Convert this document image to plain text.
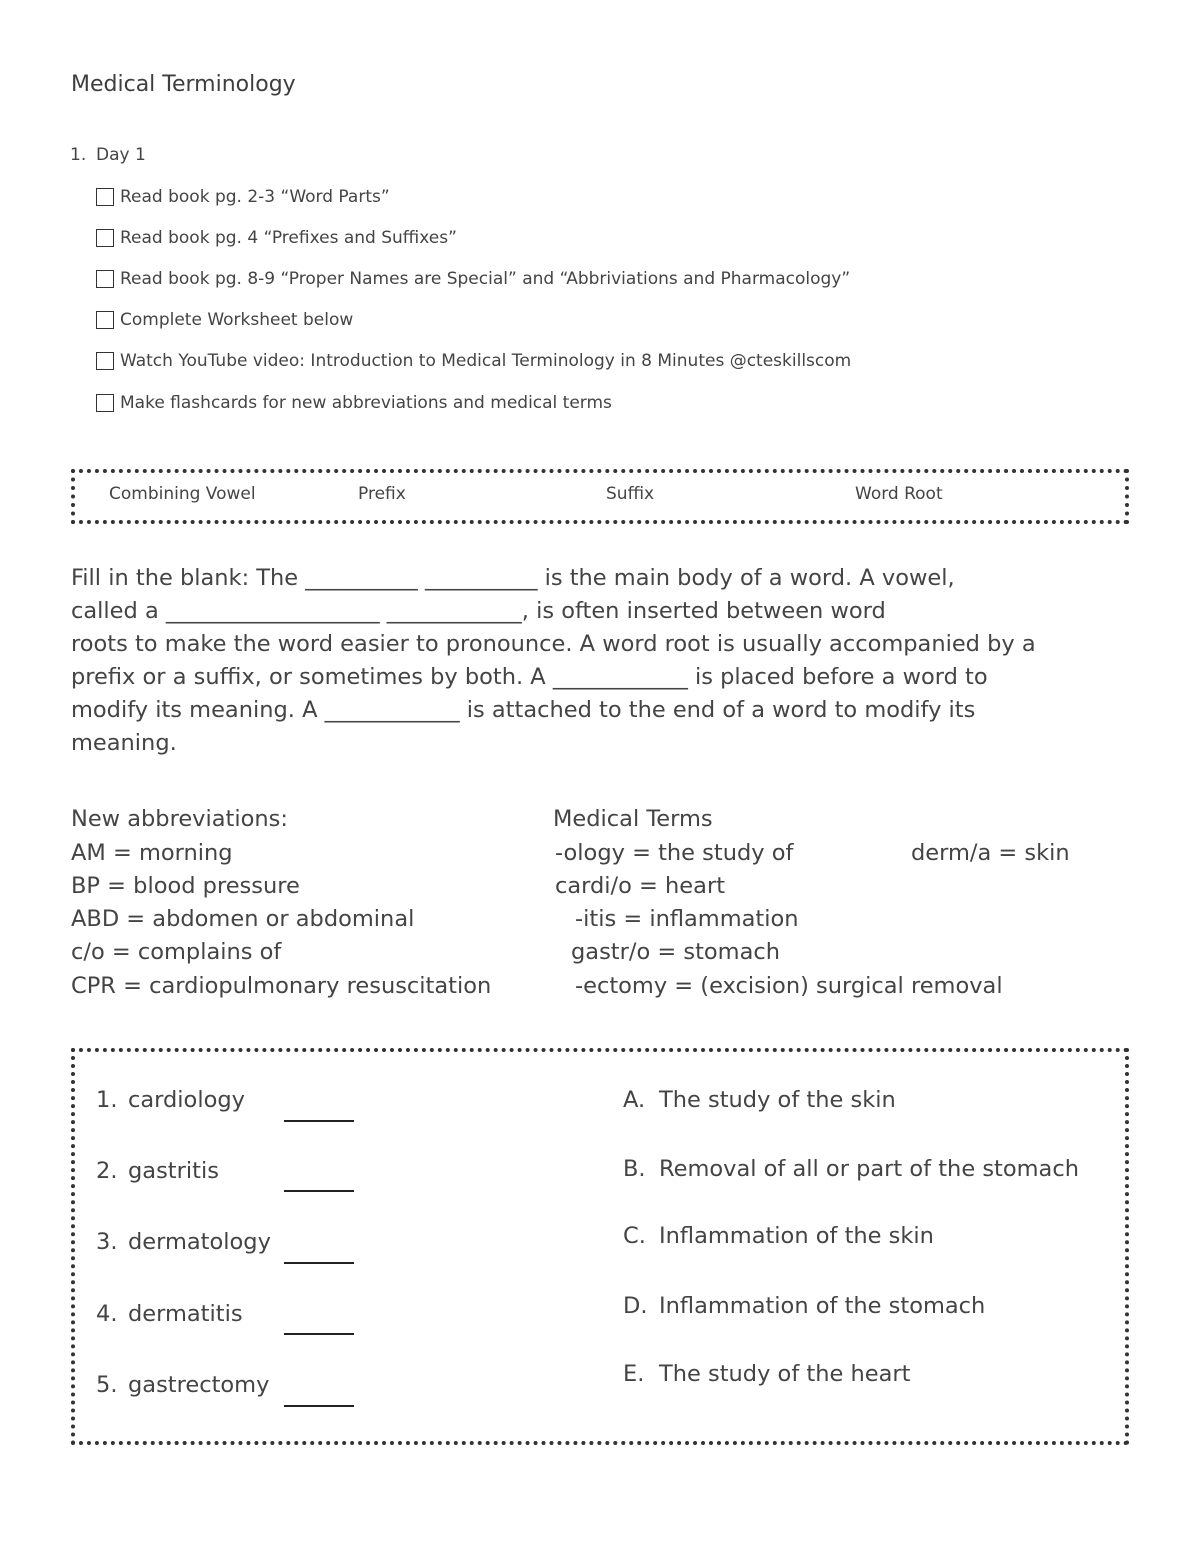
Medical Terminology
1. Day 1
Read book pg. 2-3 “Word Parts”
Read book pg. 4 “Prefixes and Suffixes”
Read book pg. 8-9 “Proper Names are Special” and “Abbriviations and Pharmacology”
Complete Worksheet below
Watch YouTube video: Introduction to Medical Terminology in 8 Minutes @cteskillscom
Make flashcards for new abbreviations and medical terms
Combining Vowel	Prefix	Suffix	Word Root
Fill in the blank: The __________ __________ is the main body of a word. A vowel,
called a ___________________ ____________, is often inserted between word
roots to make the word easier to pronounce. A word root is usually accompanied by a
prefix or a suffix, or sometimes by both. A ____________ is placed before a word to
modify its meaning. A ____________ is attached to the end of a word to modify its
meaning.
New abbreviations:
AM = morning
BP = blood pressure
ABD = abdomen or abdominal
c/o = complains of
CPR = cardiopulmonary resuscitation
Medical Terms
-ology = the study of
cardi/o = heart
-itis = inflammation
gastr/o = stomach
-ectomy = (excision) surgical removal
derm/a = skin
1. cardiology
2. gastritis
3. dermatology
4. dermatitis
5. gastrectomy
A. The study of the skin
B. Removal of all or part of the stomach
C. Inflammation of the skin
D. Inflammation of the stomach
E. The study of the heart
